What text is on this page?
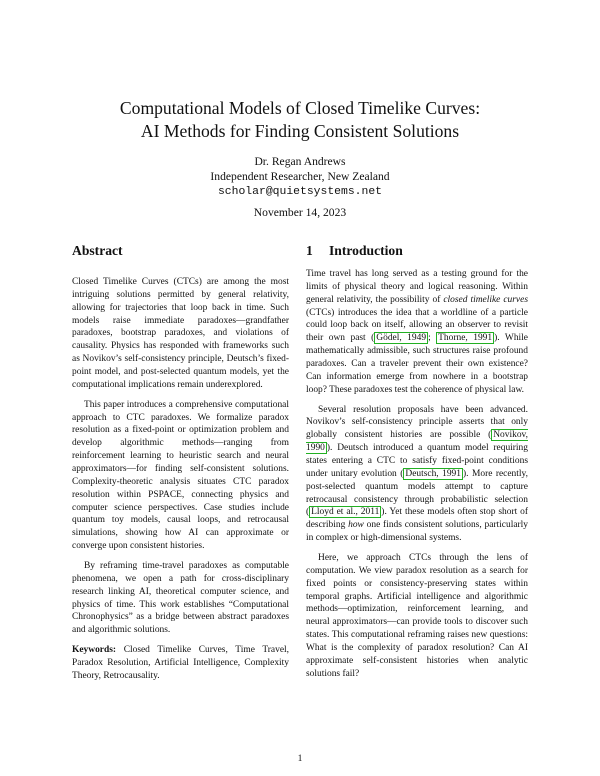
Computational Models of Closed Timelike Curves:
AI Methods for Finding Consistent Solutions
Dr. Regan Andrews
Independent Researcher, New Zealand
scholar@quietsystems.net
November 14, 2023
Abstract

Closed Timelike Curves (CTCs) are among the most intriguing solutions permitted by general relativity, allowing for trajectories that loop back in time. Such models raise immediate paradoxes—grandfather paradoxes, bootstrap paradoxes, and violations of causality. Physics has responded with frameworks such as Novikov’s self-consistency principle, Deutsch’s fixed-point model, and post-selected quantum models, yet the computational implications remain underexplored.

This paper introduces a comprehensive computational approach to CTC paradoxes. We formalize paradox resolution as a fixed-point or optimization problem and develop algorithmic methods—ranging from reinforcement learning to heuristic search and neural approximators—for finding self-consistent solutions. Complexity-theoretic analysis situates CTC paradox resolution within PSPACE, connecting physics and computer science perspectives. Case studies include quantum toy models, causal loops, and retrocausal simulations, showing how AI can approximate or converge upon consistent histories.

By reframing time-travel paradoxes as computable phenomena, we open a path for cross-disciplinary research linking AI, theoretical computer science, and physics of time. This work establishes “Computational Chronophysics” as a bridge between abstract paradoxes and algorithmic solutions.

Keywords: Closed Timelike Curves, Time Travel, Paradox Resolution, Artificial Intelligence, Complexity Theory, Retrocausality.

1 Introduction

Time travel has long served as a testing ground for the limits of physical theory and logical reasoning. Within general relativity, the possibility of closed timelike curves (CTCs) introduces the idea that a worldline of a particle could loop back on itself, allowing an observer to revisit their own past ( Gödel, 1949 ; Thorne, 1991 ). While mathematically admissible, such structures raise profound paradoxes. Can a traveler prevent their own existence? Can information emerge from nowhere in a bootstrap loop? These paradoxes test the coherence of physical law.

Several resolution proposals have been advanced. Novikov’s self-consistency principle asserts that only globally consistent histories are possible ( Novikov, 1990 ). Deutsch introduced a quantum model requiring states entering a CTC to satisfy fixed-point conditions under unitary evolution ( Deutsch, 1991 ). More recently, post-selected quantum models attempt to capture retrocausal consistency through probabilistic selection ( Lloyd et al., 2011 ). Yet these models often stop short of describing how one finds consistent solutions, particularly in complex or high-dimensional systems.

Here, we approach CTCs through the lens of computation. We view paradox resolution as a search for fixed points or consistency-preserving states within temporal graphs. Artificial intelligence and algorithmic methods—optimization, reinforcement learning, and neural approximators—can provide tools to discover such states. This computational reframing raises new questions: What is the complexity of paradox resolution? Can AI approximate self-consistent histories when analytic solutions fail?

1
